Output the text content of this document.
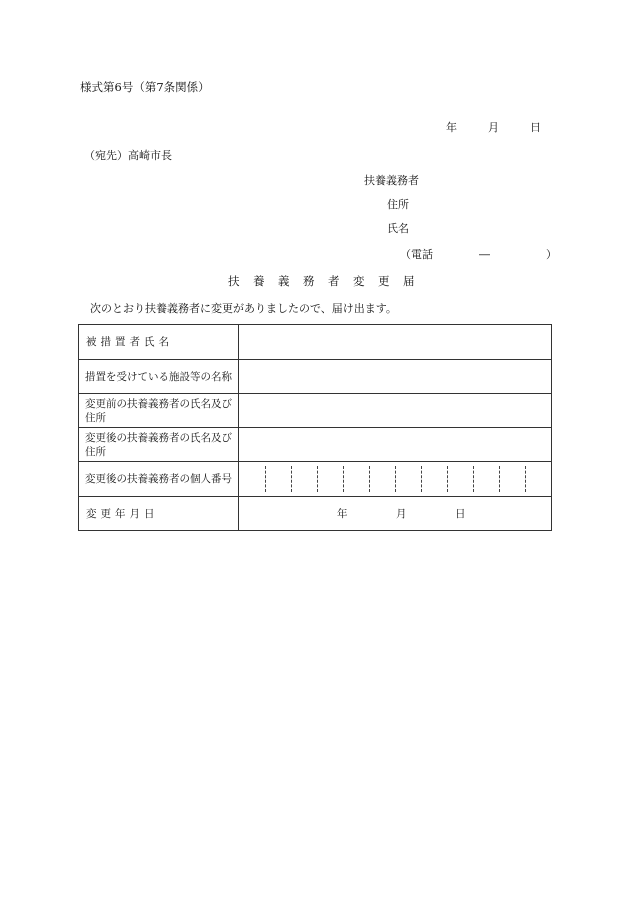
様式第6号（第7条関係）
年	月	日
（宛先）高崎市長
扶養義務者
住所
氏名
（電話	―	）
扶 養 義 務 者 変 更 届
次のとおり扶養義務者に変更がありましたので、届け出ます。
被措置者氏名
措置を受けている施設等の名称
変更前の扶養義務者の氏名及び住所
変更後の扶養義務者の氏名及び住所
変更後の扶養義務者の個人番号
変更年月日	年	月	日
